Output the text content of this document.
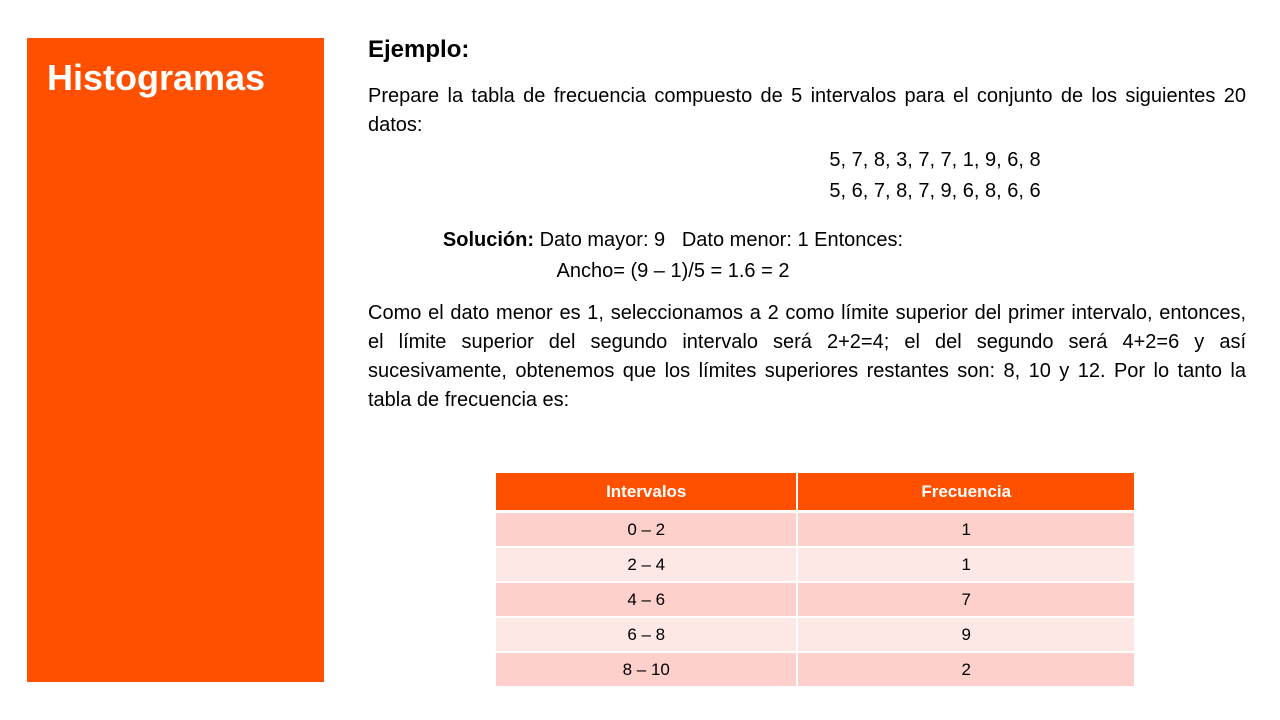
Histogramas
Ejemplo:

Prepare la tabla de frecuencia compuesto de 5 intervalos para el conjunto de los siguientes 20 datos:

5, 7, 8, 3, 7, 7, 1, 9, 6, 8
5, 6, 7, 8, 7, 9, 6, 8, 6, 6
Solución: Dato mayor: 9   Dato menor: 1 Entonces:
Ancho= (9 – 1)/5 = 1.6 = 2

Como el dato menor es 1, seleccionamos a 2 como límite superior del primer intervalo, entonces, el límite superior del segundo intervalo será 2+2=4; el del segundo será 4+2=6 y así sucesivamente, obtenemos que los límites superiores restantes son: 8, 10 y 12. Por lo tanto la tabla de frecuencia es:

Intervalos	Frecuencia
0 – 2	1
2 – 4	1
4 – 6	7
6 – 8	9
8 – 10	2
